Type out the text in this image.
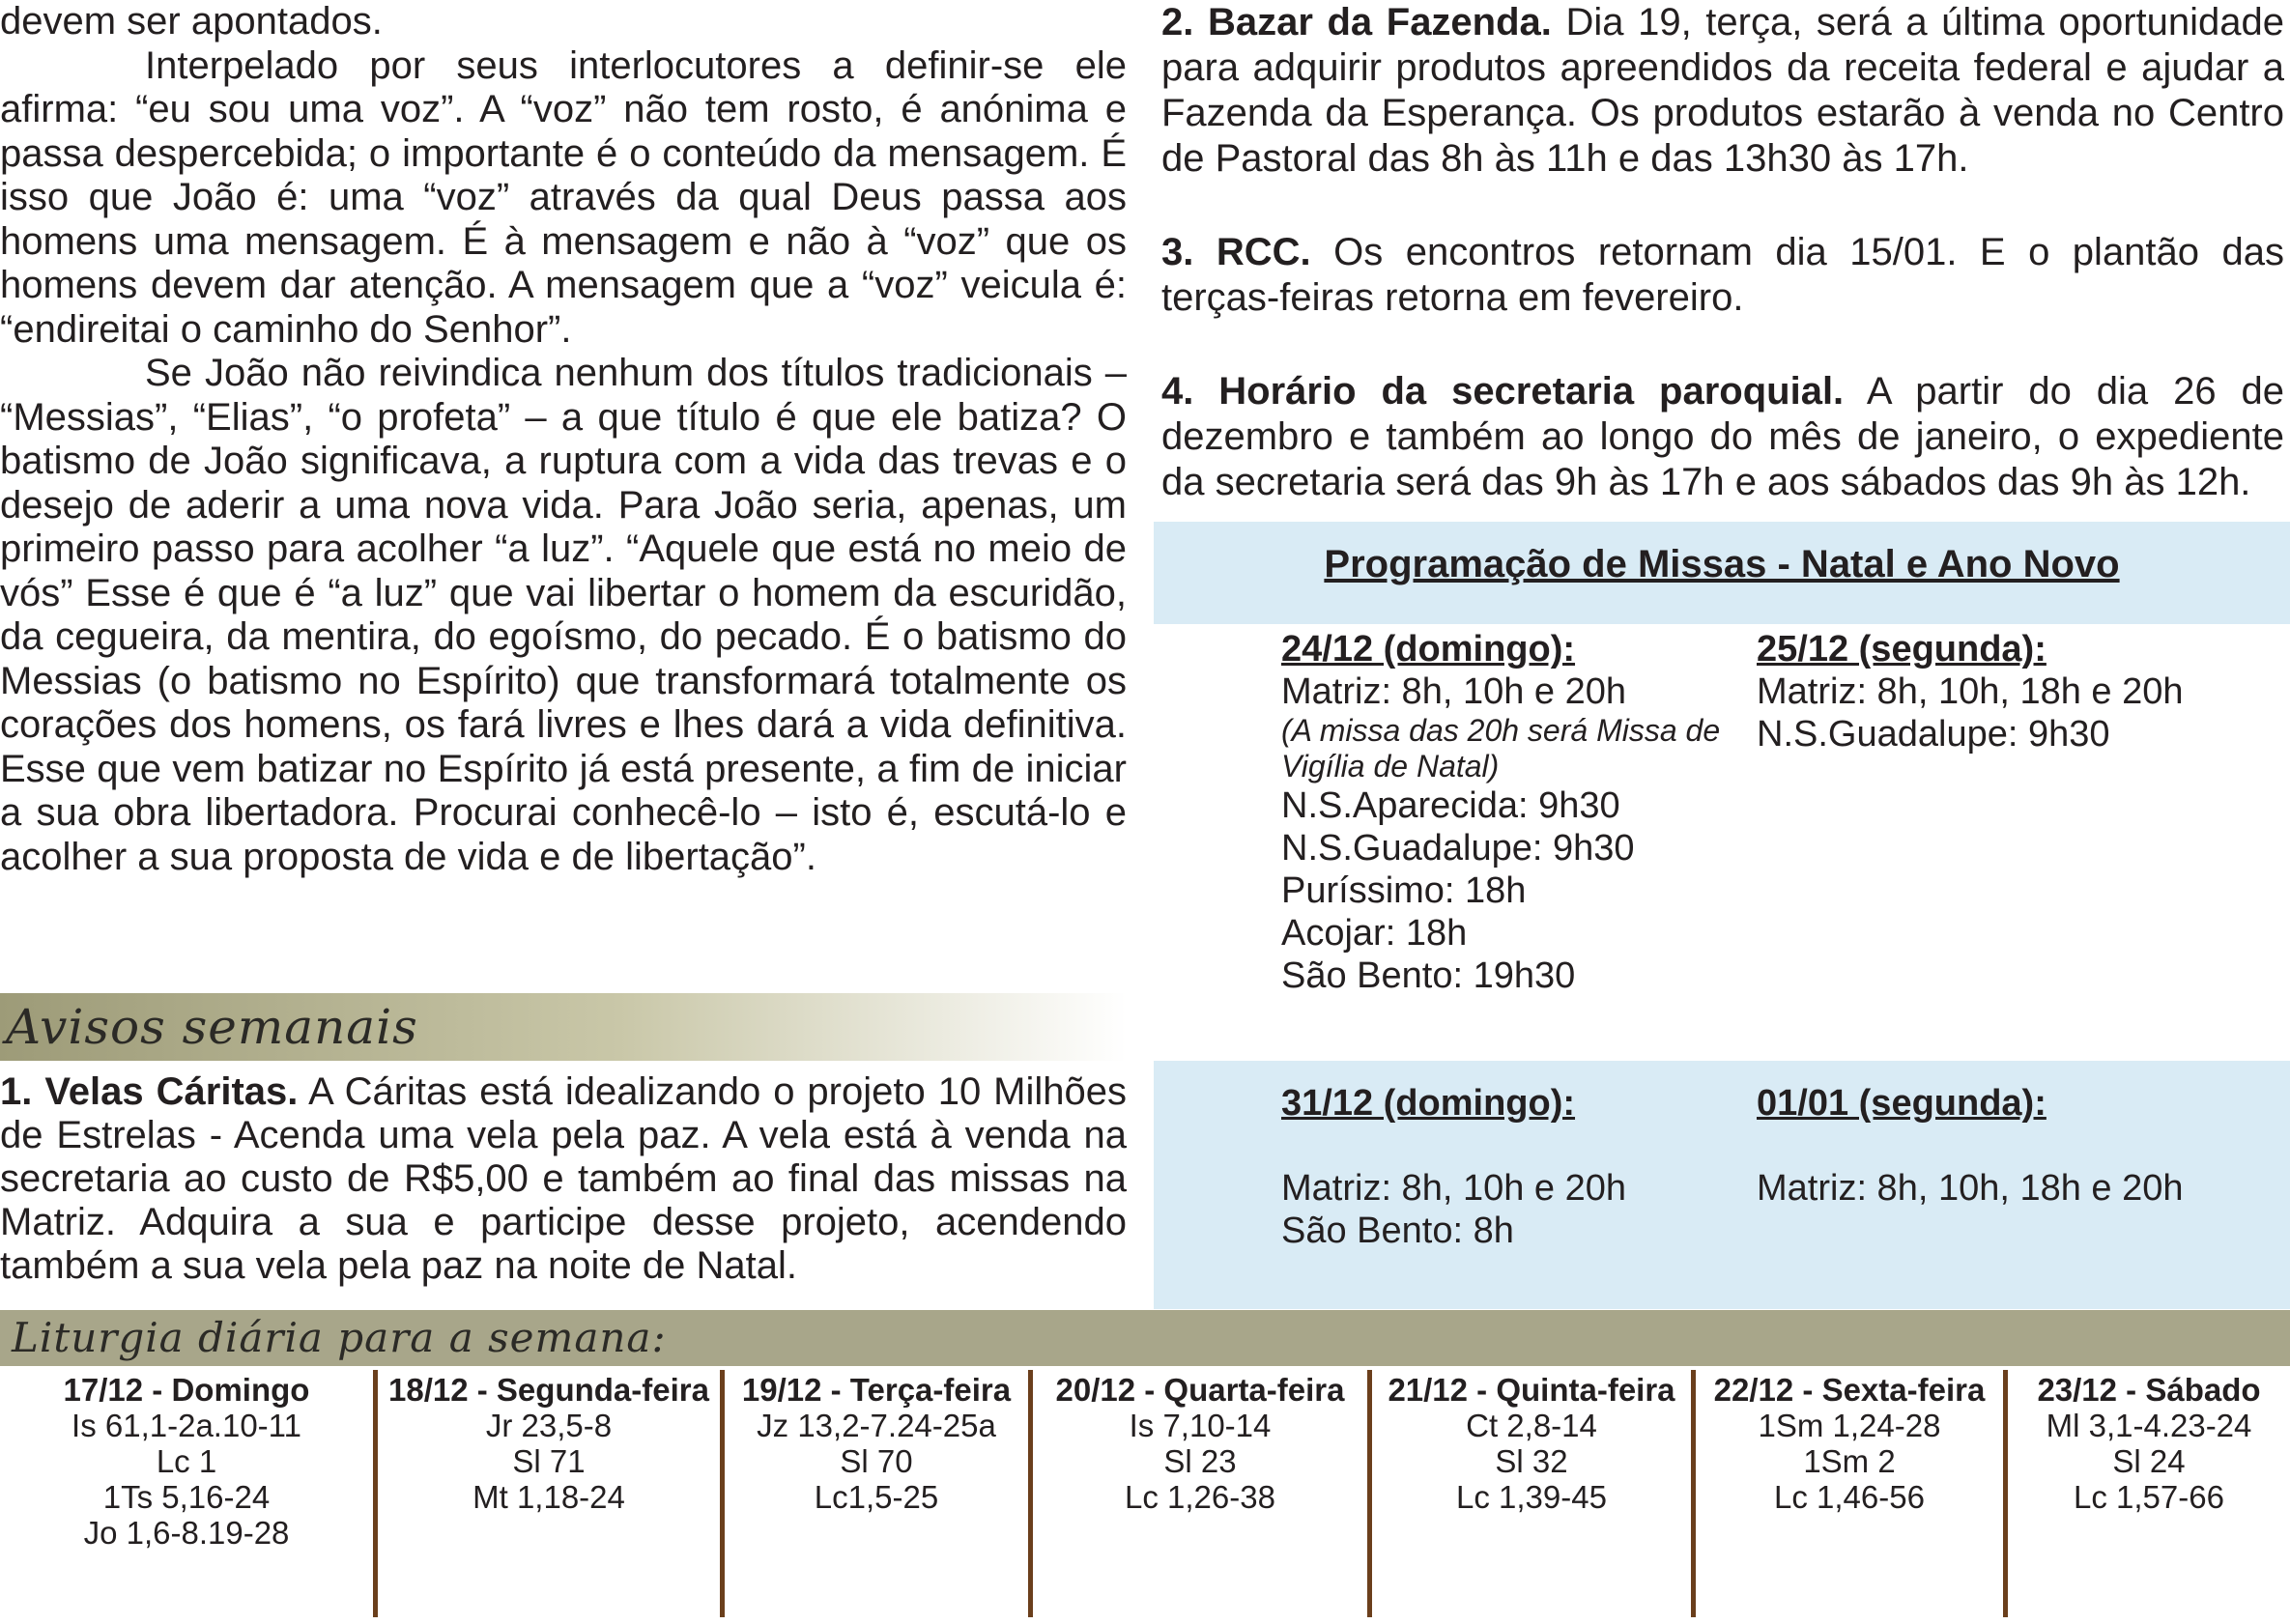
devem ser apontados.

Interpelado por seus interlocutores a definir-se ele afirma: “eu sou uma voz”. A “voz” não tem rosto, é anónima e passa despercebida; o importante é o conteúdo da mensagem. É isso que João é: uma “voz” através da qual Deus passa aos homens uma mensagem. É à mensagem e não à “voz” que os homens devem dar atenção. A mensagem que a “voz” veicula é: “endireitai o caminho do Senhor”.

Se João não reivindica nenhum dos títulos tradicionais – “Messias”, “Elias”, “o profeta” – a que título é que ele batiza? O batismo de João significava, a ruptura com a vida das trevas e o desejo de aderir a uma nova vida. Para João seria, apenas, um primeiro passo para acolher “a luz”. “Aquele que está no meio de vós” Esse é que é “a luz” que vai libertar o homem da escuridão, da cegueira, da mentira, do egoísmo, do pecado. É o batismo do Messias (o batismo no Espírito) que transformará totalmente os corações dos homens, os fará livres e lhes dará a vida definitiva. Esse que vem batizar no Espírito já está presente, a fim de iniciar a sua obra libertadora. Procurai conhecê-lo – isto é, escutá-lo e acolher a sua proposta de vida e de libertação”.

Avisos semanais

1. Velas Cáritas. A Cáritas está idealizando o projeto 10 Milhões de Estrelas - Acenda uma vela pela paz. A vela está à venda na secretaria ao custo de R$5,00 e também ao final das missas na Matriz. Adquira a sua e participe desse projeto, acendendo também a sua vela pela paz na noite de Natal.

2. Bazar da Fazenda. Dia 19, terça, será a última oportunidade para adquirir produtos apreendidos da receita federal e ajudar a Fazenda da Esperança. Os produtos estarão à venda no Centro de Pastoral das 8h às 11h e das 13h30 às 17h.

3. RCC. Os encontros retornam dia 15/01. E o plantão das terças-feiras retorna em fevereiro.

4. Horário da secretaria paroquial. A partir do dia 26 de dezembro e também ao longo do mês de janeiro, o expediente da secretaria será das 9h às 17h e aos sábados das 9h às 12h.

Programação de Missas - Natal e Ano Novo
24/12 (domingo):
Matriz: 8h, 10h e 20h
(A missa das 20h será Missa de Vigília de Natal)
N.S.Aparecida: 9h30
N.S.Guadalupe: 9h30
Puríssimo: 18h
Acojar: 18h
São Bento: 19h30
25/12 (segunda):
Matriz: 8h, 10h, 18h e 20h
N.S.Guadalupe: 9h30
31/12 (domingo):
Matriz: 8h, 10h e 20h
São Bento: 8h
01/01 (segunda):
Matriz: 8h, 10h, 18h e 20h
Liturgia diária para a semana:
17/12 - Domingo
Is 61,1-2a.10-11
Lc 1
1Ts 5,16-24
Jo 1,6-8.19-28
18/12 - Segunda-feira
Jr 23,5-8
Sl 71
Mt 1,18-24
19/12 - Terça-feira
Jz 13,2-7.24-25a
Sl 70
Lc1,5-25
20/12 - Quarta-feira
Is 7,10-14
Sl 23
Lc 1,26-38
21/12 - Quinta-feira
Ct 2,8-14
Sl 32
Lc 1,39-45
22/12 - Sexta-feira
1Sm 1,24-28
1Sm 2
Lc 1,46-56
23/12 - Sábado
Ml 3,1-4.23-24
Sl 24
Lc 1,57-66
